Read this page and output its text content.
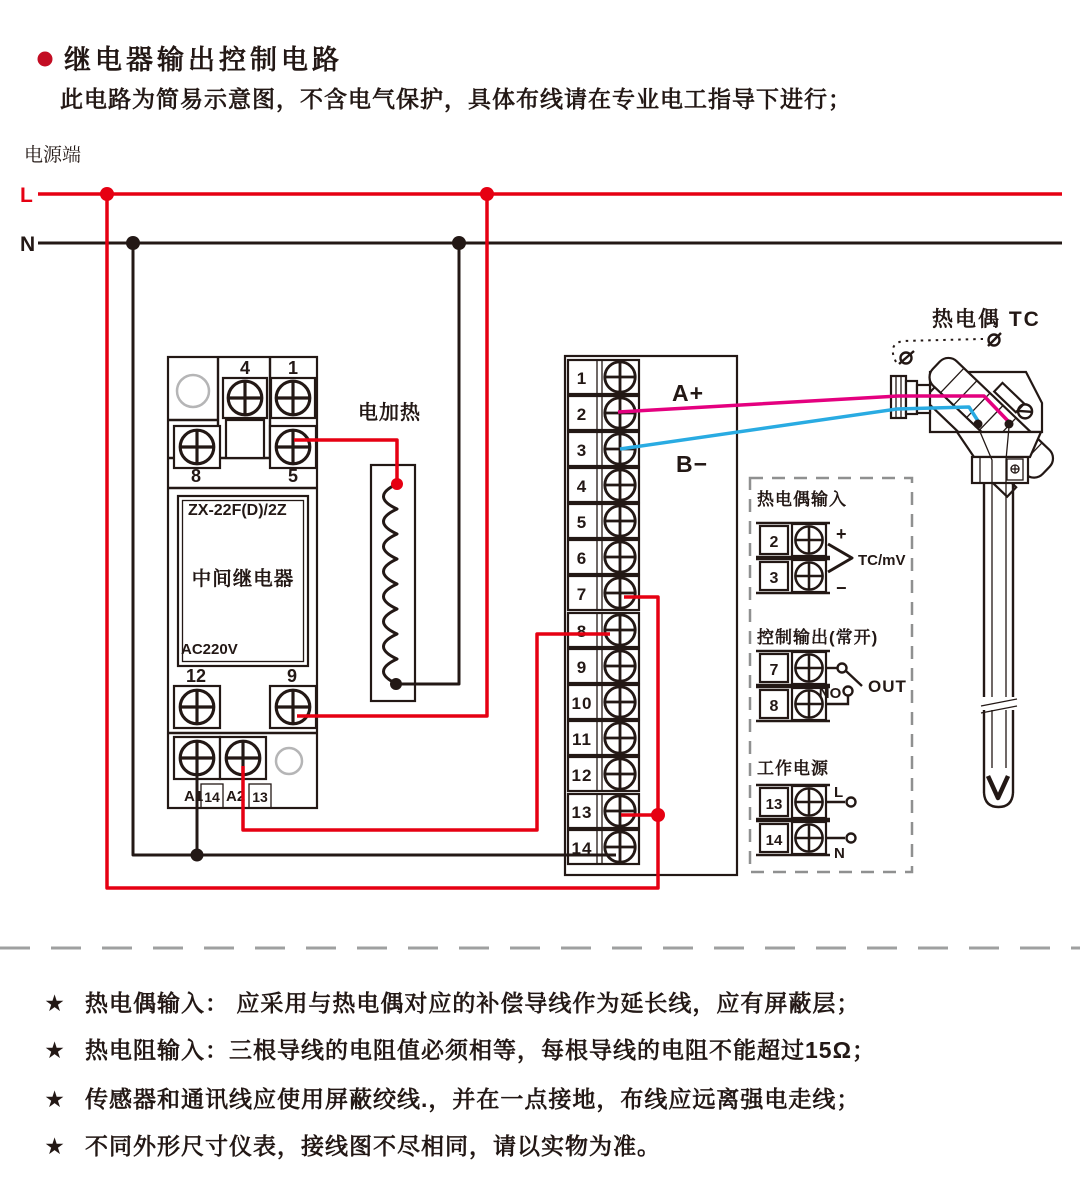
继电器输出控制电路
此电路为简易示意图，不含电气保护，具体布线请在专业电工指导下进行；
电源端
L
N
4 1
8	5
ZX-22F(D)/2Z
中间继电器
AC220V
12	9
A1 14 A2 13
电加热
1
2
3
4
5
6
7
8
9
10
11
12
13
14
A+
B−
热电偶输入
2
3
+
−
TC/mV
控制输出(常开)
7
8
NO OUT
工作电源
13
14
L
N
热电偶 TC
★ 热电偶输入： 应采用与热电偶对应的补偿导线作为延长线，应有屏蔽层；
★ 热电阻输入：三根导线的电阻值必须相等，每根导线的电阻不能超过15Ω；
★ 传感器和通讯线应使用屏蔽绞线.，并在一点接地，布线应远离强电走线；
★ 不同外形尺寸仪表，接线图不尽相同，请以实物为准。
